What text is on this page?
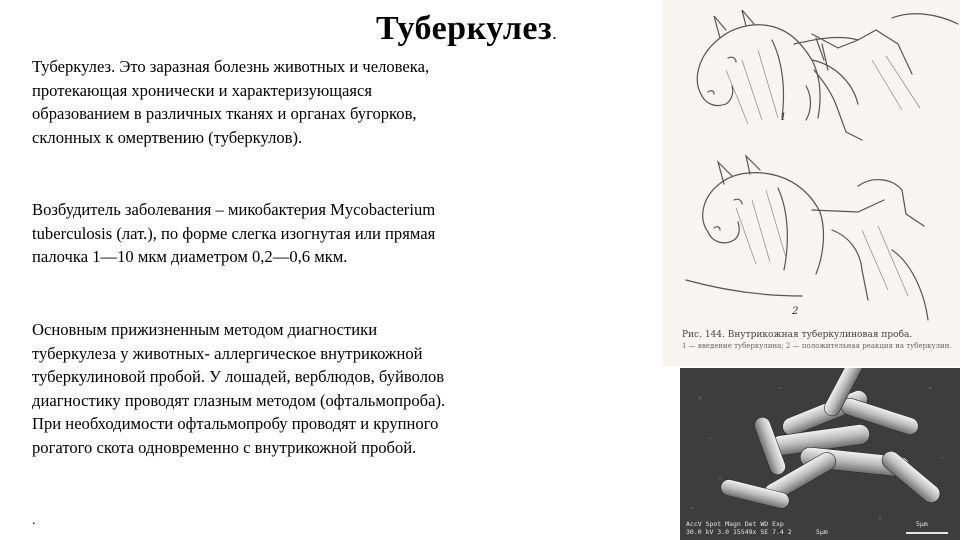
Туберкулез.
Туберкулез. Это заразная болезнь животных и человека, протекающая хронически и характеризующаяся образованием в различных тканях и органах бугорков, склонных к омертвению (туберкулов).
Возбудитель заболевания – микобактерия Mycobacterium tuberculosis (лат.), по форме слегка изогнутая или прямая палочка 1—10 мкм диаметром 0,2—0,6 мкм.
Основным прижизненным методом диагностики туберкулеза у животных- аллергическое внутрикожной туберкулиновой пробой. У лошадей, верблюдов, буйволов диагностику проводят глазным методом (офтальмопроба). При необходимости офтальмопробу проводят и крупного рогатого скота одновременно с внутрикожной пробой.
.
1
2
Рис. 144. Внутрикожная туберкулиновая проба.
1 — введение туберкулина; 2 — положительная реакция на туберкулин.
AccV Spot Magn Det WD Exp
30.0 kV 3.0 15549x SE 7.4 2	5µm
5µm
